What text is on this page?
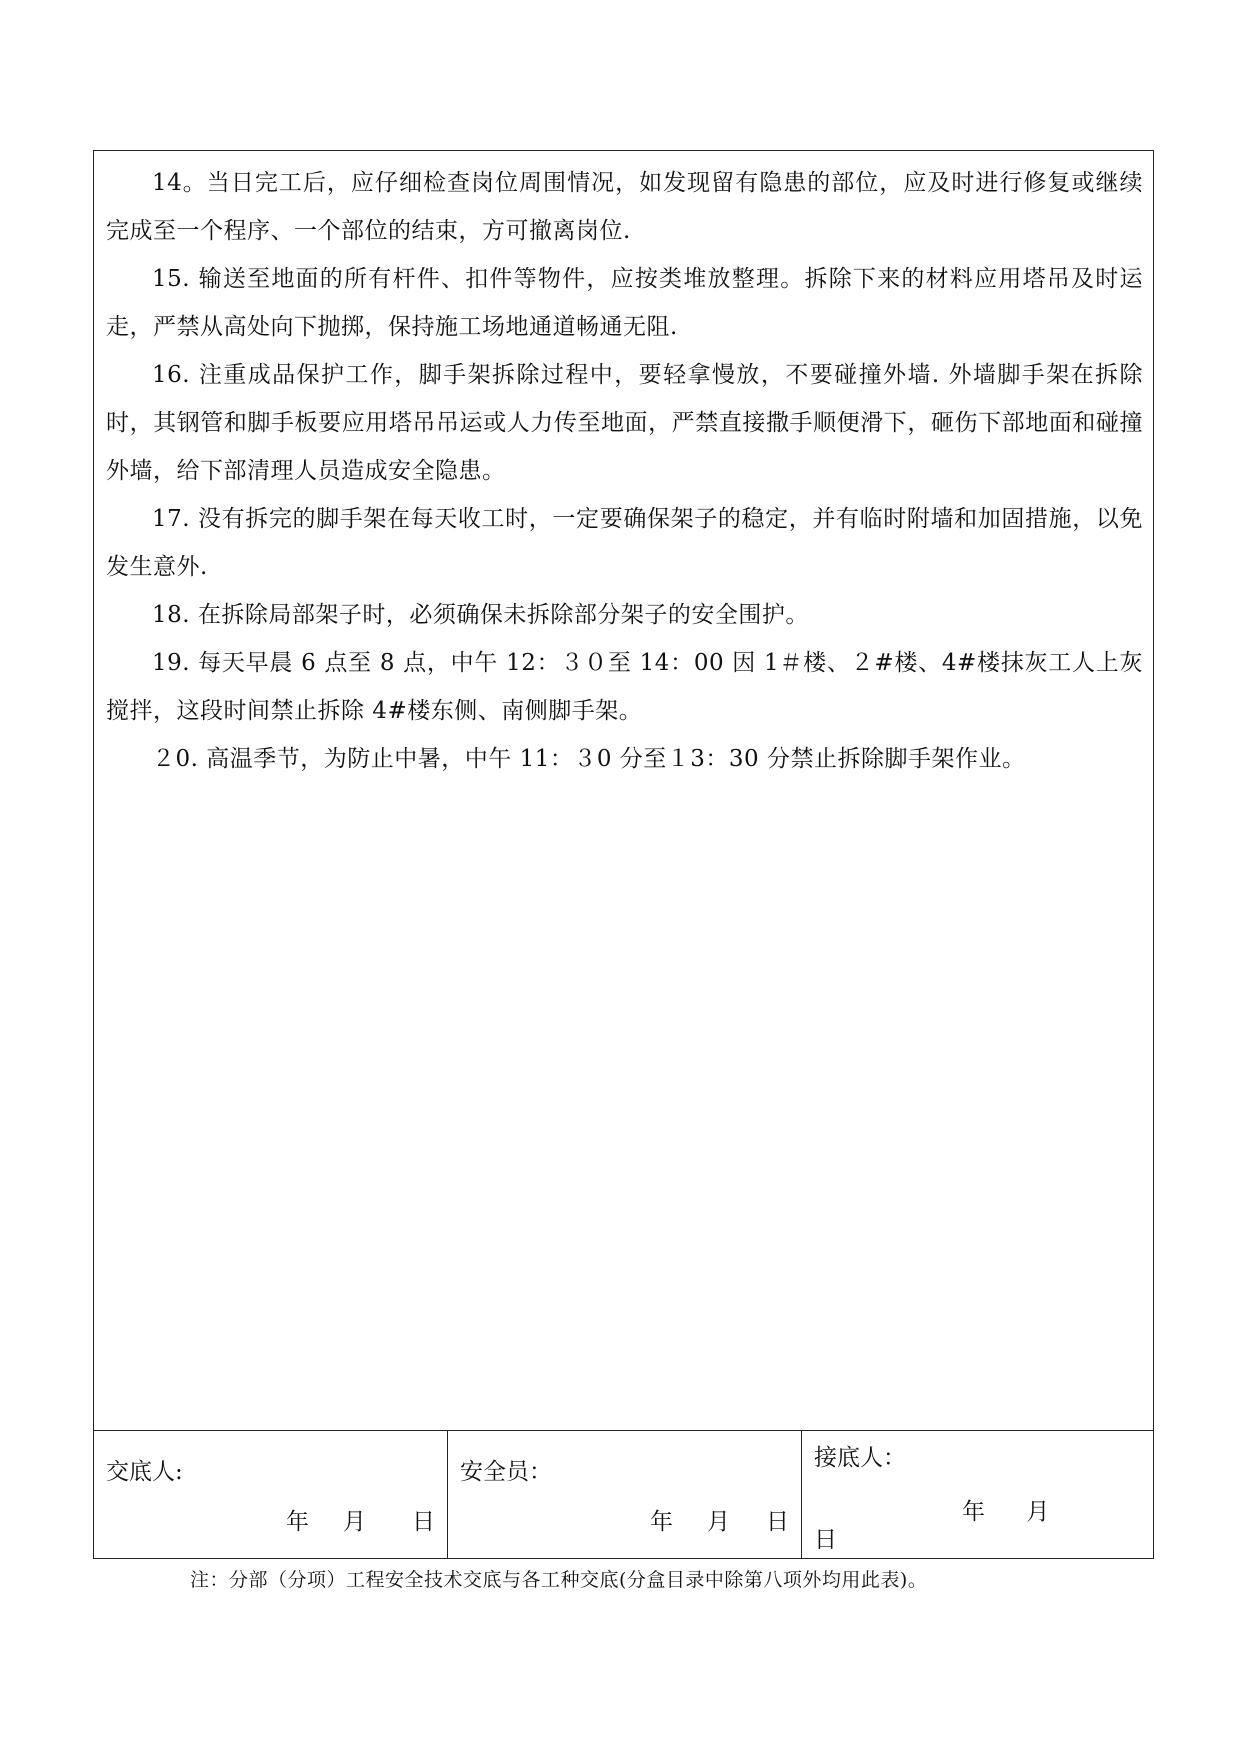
14。当日完工后，应仔细检查岗位周围情况，如发现留有隐患的部位，应及时进行修复或继续完成至一个程序、一个部位的结束，方可撤离岗位.

15. 输送至地面的所有杆件、扣件等物件，应按类堆放整理。拆除下来的材料应用塔吊及时运走，严禁从高处向下抛掷，保持施工场地通道畅通无阻.

16. 注重成品保护工作，脚手架拆除过程中，要轻拿慢放，不要碰撞外墙. 外墙脚手架在拆除时，其钢管和脚手板要应用塔吊吊运或人力传至地面，严禁直接撒手顺便滑下，砸伤下部地面和碰撞外墙，给下部清理人员造成安全隐患。

17. 没有拆完的脚手架在每天收工时，一定要确保架子的稳定，并有临时附墙和加固措施，以免发生意外.

18. 在拆除局部架子时，必须确保未拆除部分架子的安全围护。

19. 每天早晨 6 点至 8 点，中午 12：３０至 14：00 因 1＃楼、２#楼、4#楼抹灰工人上灰搅拌，这段时间禁止拆除 4#楼东侧、南侧脚手架。

２0. 高温季节，为防止中暑，中午 11：３0 分至１3：30 分禁止拆除脚手架作业。

交底人:
年 月 日
安全员：
年 月 日
接底人：
年 月
日
注：分部（分项）工程安全技术交底与各工种交底(分盒目录中除第八项外均用此表)。
